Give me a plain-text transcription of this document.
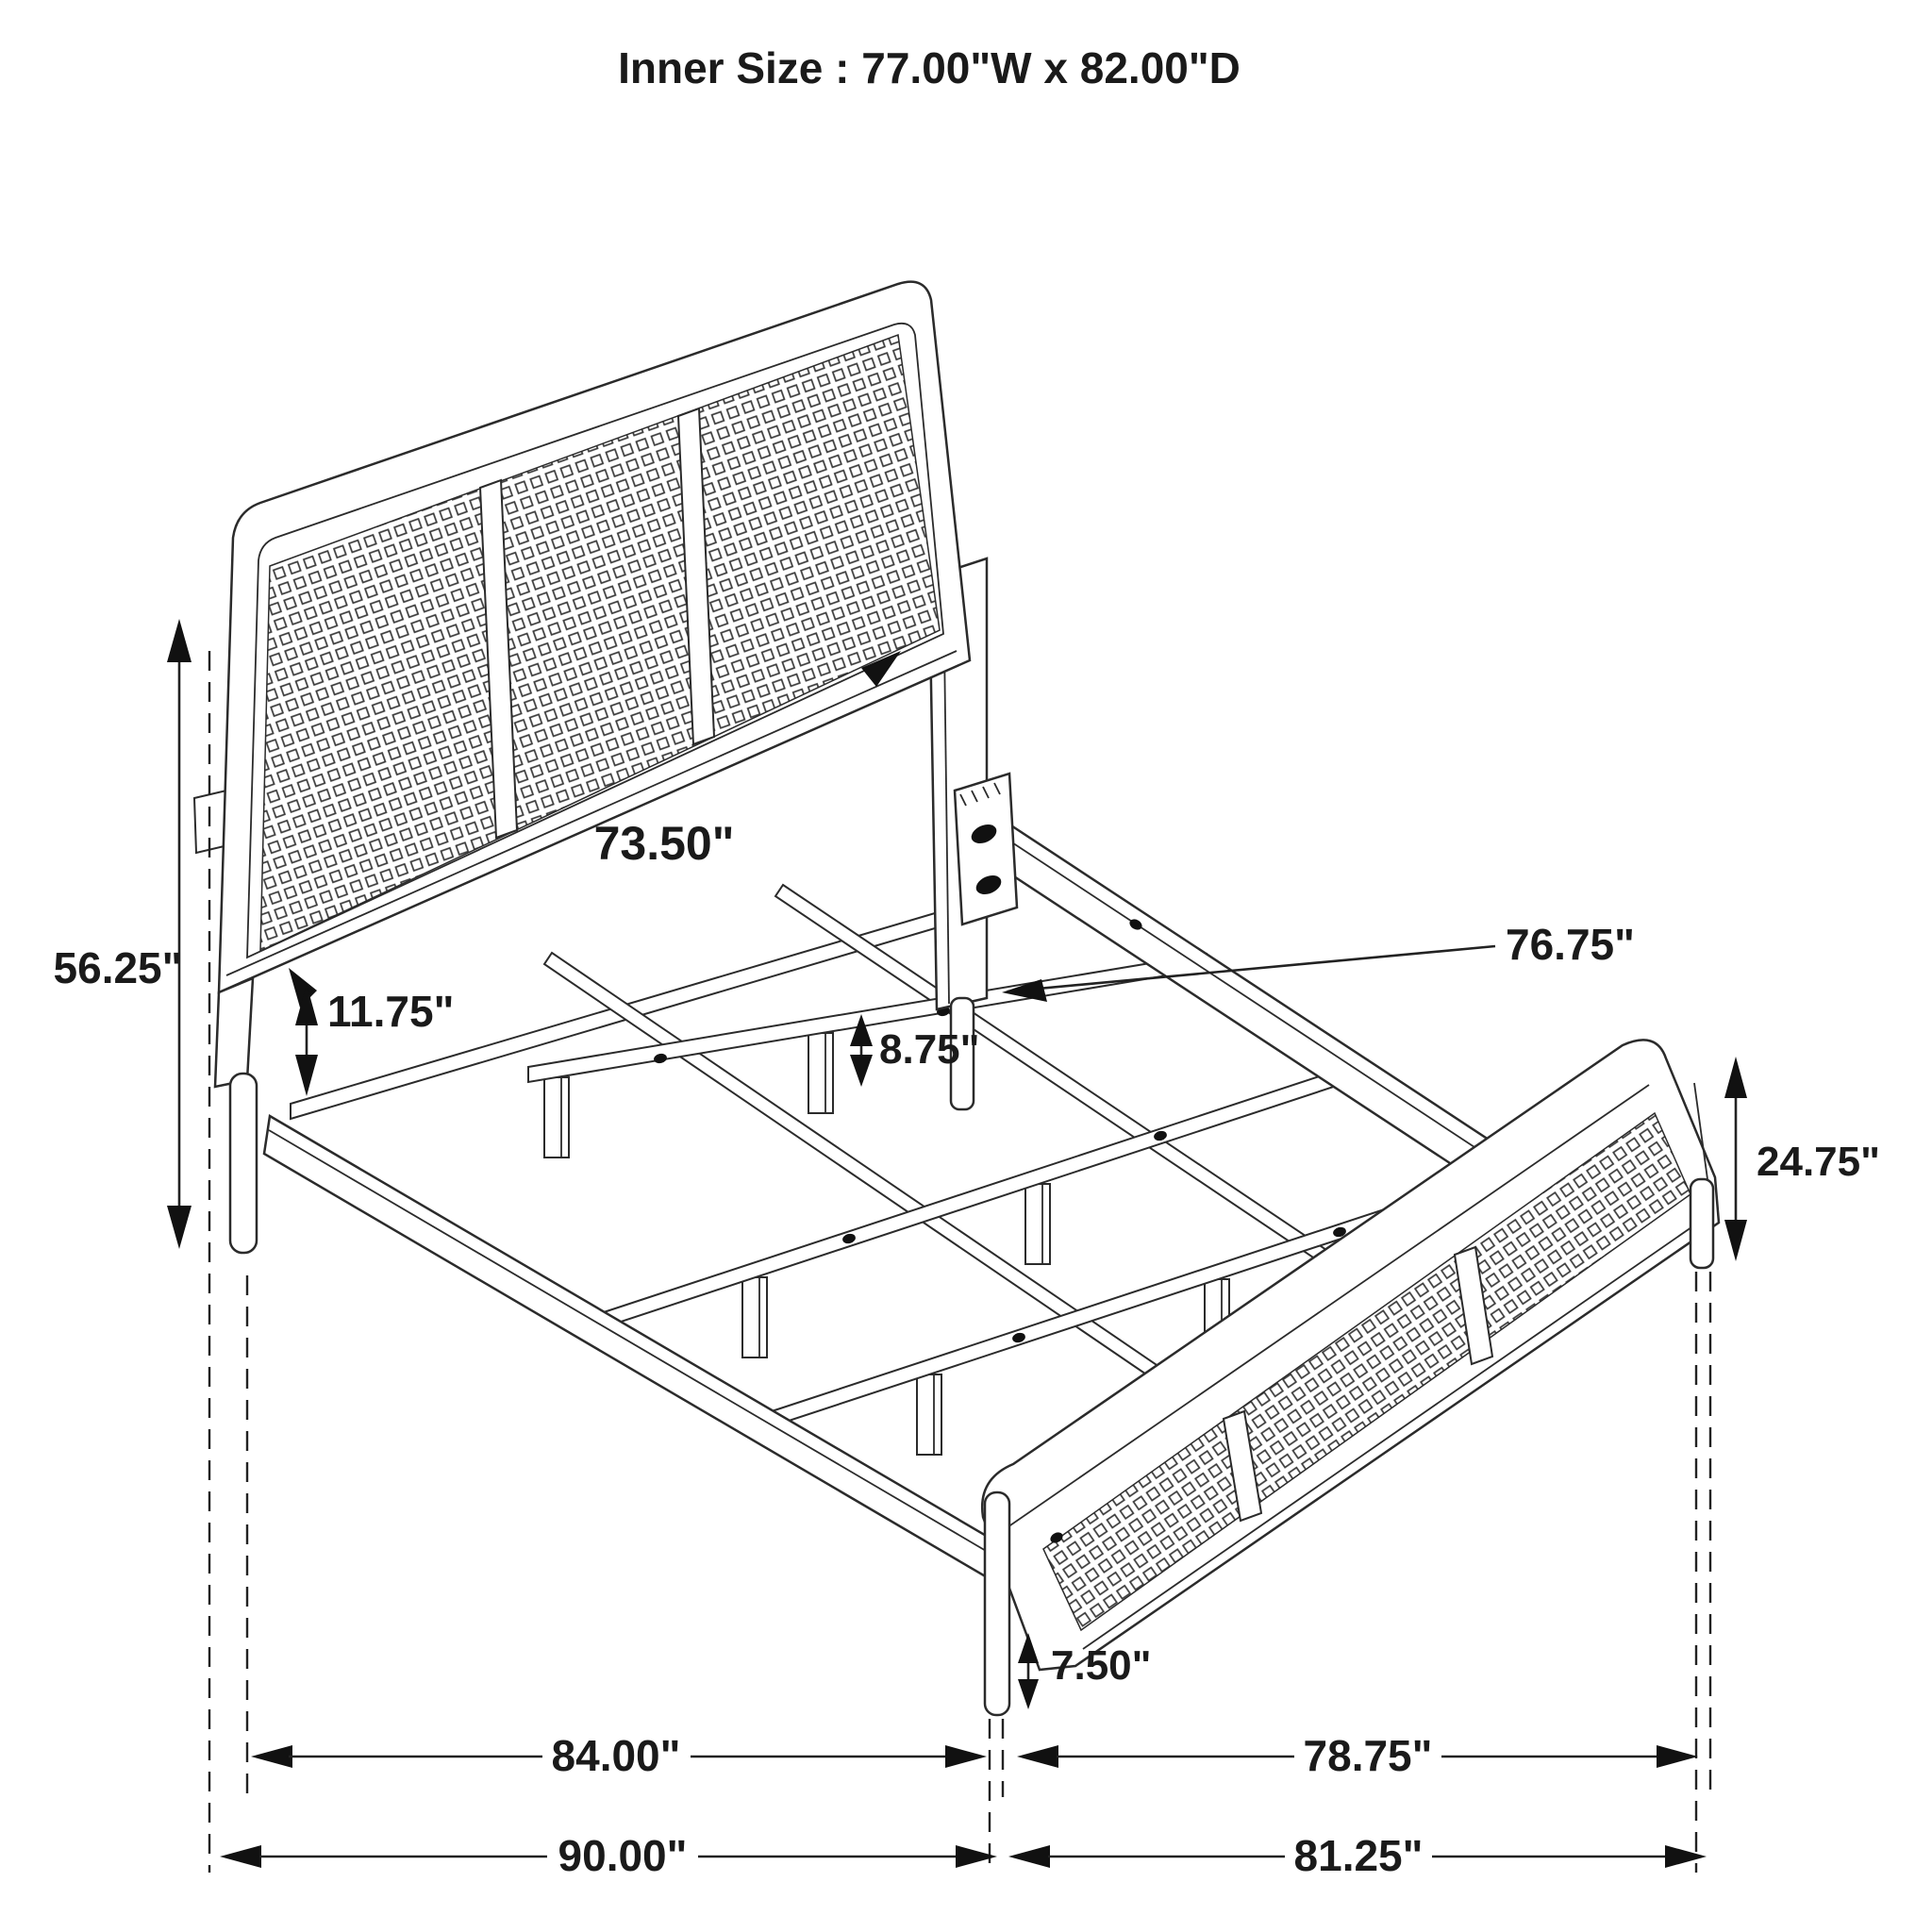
56.25"
73.50"
11.75"
8.75"
76.75"
24.75"
7.50"
84.00"	78.75"
90.00"	81.25"
Inner Size : 77.00"W x 82.00"D
